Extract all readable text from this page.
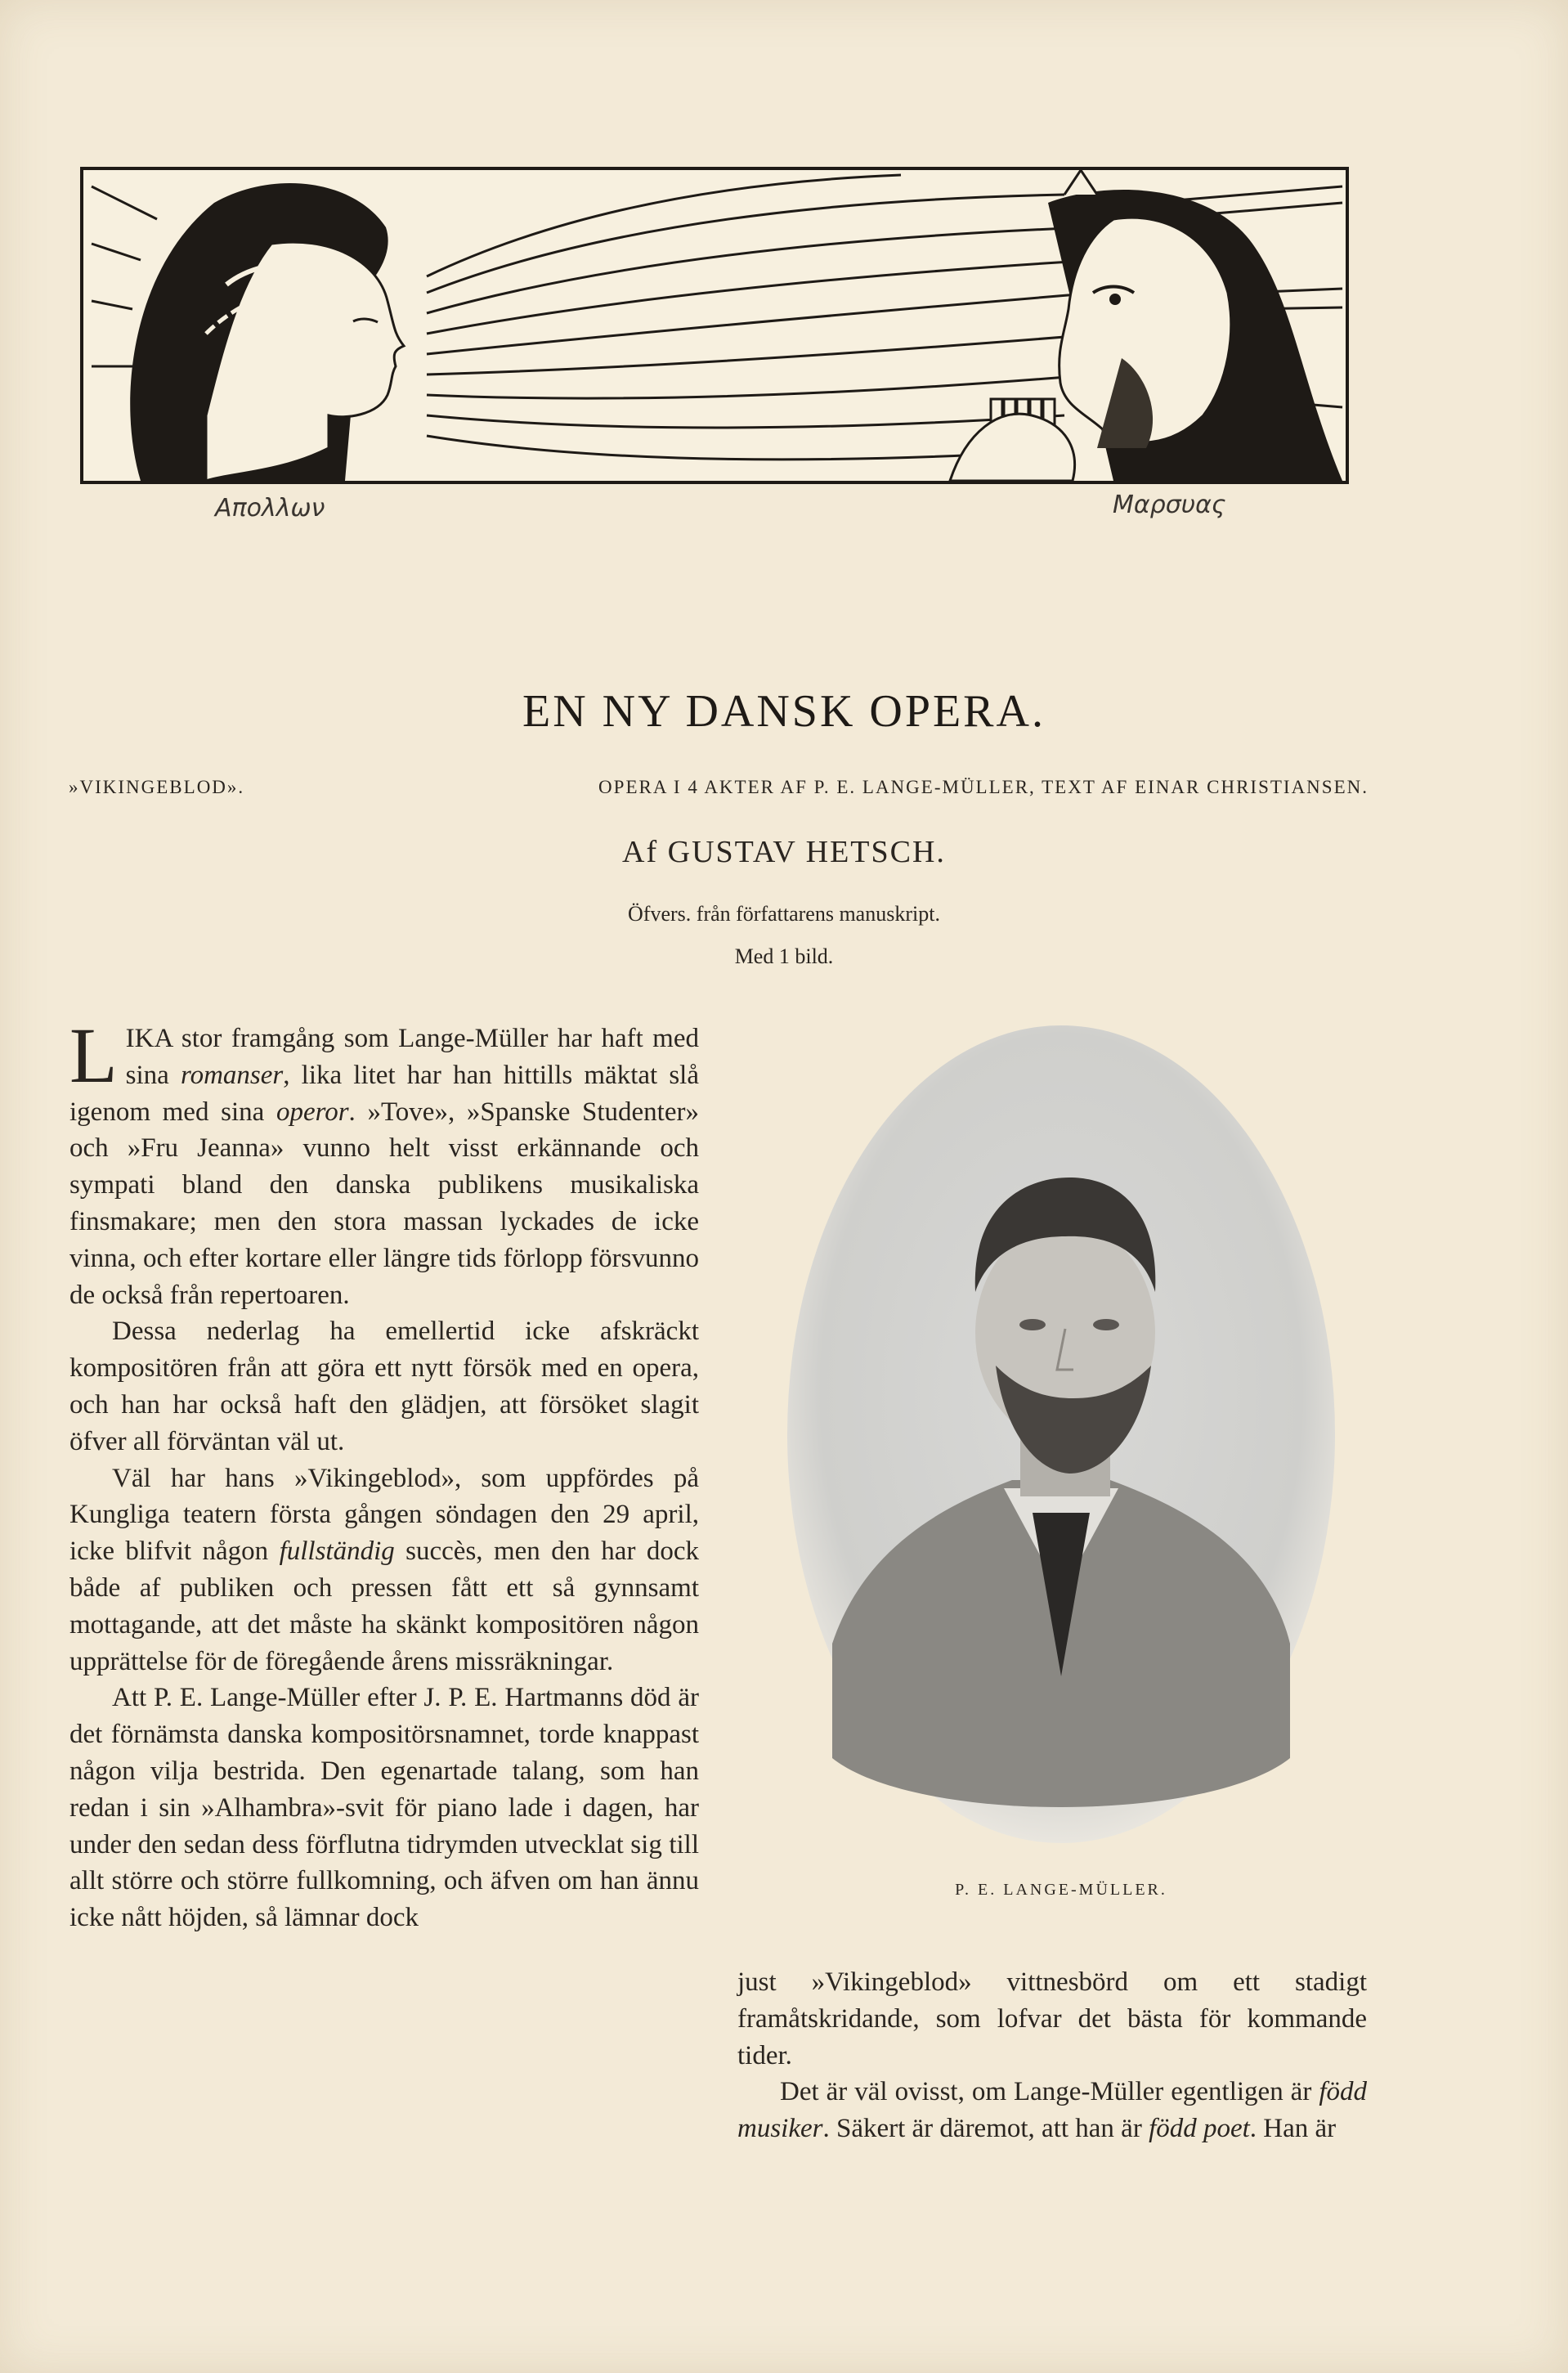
Απολλων	Μαρσυας
EN NY DANSK OPERA.
»VIKINGEBLOD».	OPERA I 4 AKTER AF P. E. LANGE-MÜLLER, TEXT AF EINAR CHRISTIANSEN.
Af GUSTAV HETSCH.
Öfvers. från författarens manuskript.
Med 1 bild.

LIKA stor framgång som Lange-Müller har haft med sina romanser, lika litet har han hittills mäktat slå igenom med sina operor. »Tove», »Spanske Studenter» och »Fru Jeanna» vunno helt visst erkännande och sympati bland den danska publikens musikaliska finsmakare; men den stora massan lyckades de icke vinna, och efter kortare eller längre tids förlopp försvunno de också från repertoaren.

Dessa nederlag ha emellertid icke afskräckt kompositören från att göra ett nytt försök med en opera, och han har också haft den glädjen, att försöket slagit öfver all förväntan väl ut.

Väl har hans »Vikingeblod», som uppfördes på Kungliga teatern första gången söndagen den 29 april, icke blifvit någon fullständig succès, men den har dock både af publiken och pressen fått ett så gynnsamt mottagande, att det måste ha skänkt kompositören någon upprättelse för de föregående årens missräkningar.

Att P. E. Lange-Müller efter J. P. E. Hartmanns död är det förnämsta danska kompositörsnamnet, torde knappast någon vilja bestrida. Den egenartade talang, som han redan i sin »Alhambra»-svit för piano lade i dagen, har under den sedan dess förflutna tidrymden utvecklat sig till allt större och större fullkomning, och äfven om han ännu icke nått höjden, så lämnar dock

P. E. LANGE-MÜLLER.

just »Vikingeblod» vittnesbörd om ett stadigt framåtskridande, som lofvar det bästa för kommande tider.

Det är väl ovisst, om Lange-Müller egentligen är född musiker. Säkert är däremot, att han är född poet. Han är
